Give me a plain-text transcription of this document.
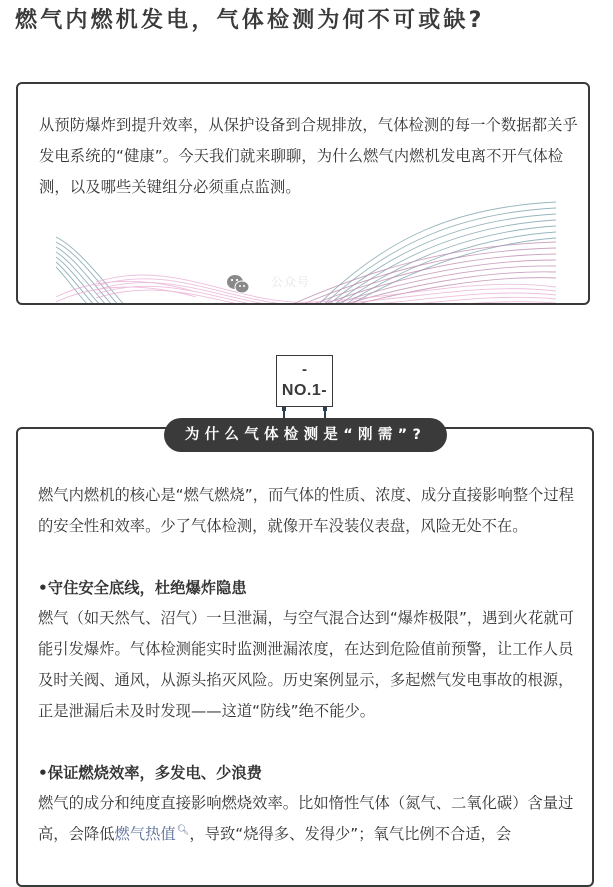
燃气内燃机发电，气体检测为何不可或缺?

从预防爆炸到提升效率，从保护设备到合规排放，气体检测的每一个数据都关乎发电系统的“健康”。今天我们就来聊聊，为什么燃气内燃机发电离不开气体检测，以及哪些关键组分必须重点监测。

公众号
-
NO.1-
为什么气体检测是“刚需”?

燃气内燃机的核心是“燃气燃烧”，而气体的性质、浓度、成分直接影响整个过程的安全性和效率。少了气体检测，就像开车没装仪表盘，风险无处不在。

•守住安全底线，杜绝爆炸隐患

燃气（如天然气、沼气）一旦泄漏，与空气混合达到“爆炸极限”，遇到火花就可能引发爆炸。气体检测能实时监测泄漏浓度，在达到危险值前预警，让工作人员及时关阀、通风，从源头掐灭风险。历史案例显示，多起燃气发电事故的根源，正是泄漏后未及时发现——这道“防线”绝不能少。

•保证燃烧效率，多发电、少浪费

燃气的成分和纯度直接影响燃烧效率。比如惰性气体（氮气、二氧化碳）含量过高，会降低燃气热值🔍︎，导致“烧得多、发得少”；氧气比例不合适，会
